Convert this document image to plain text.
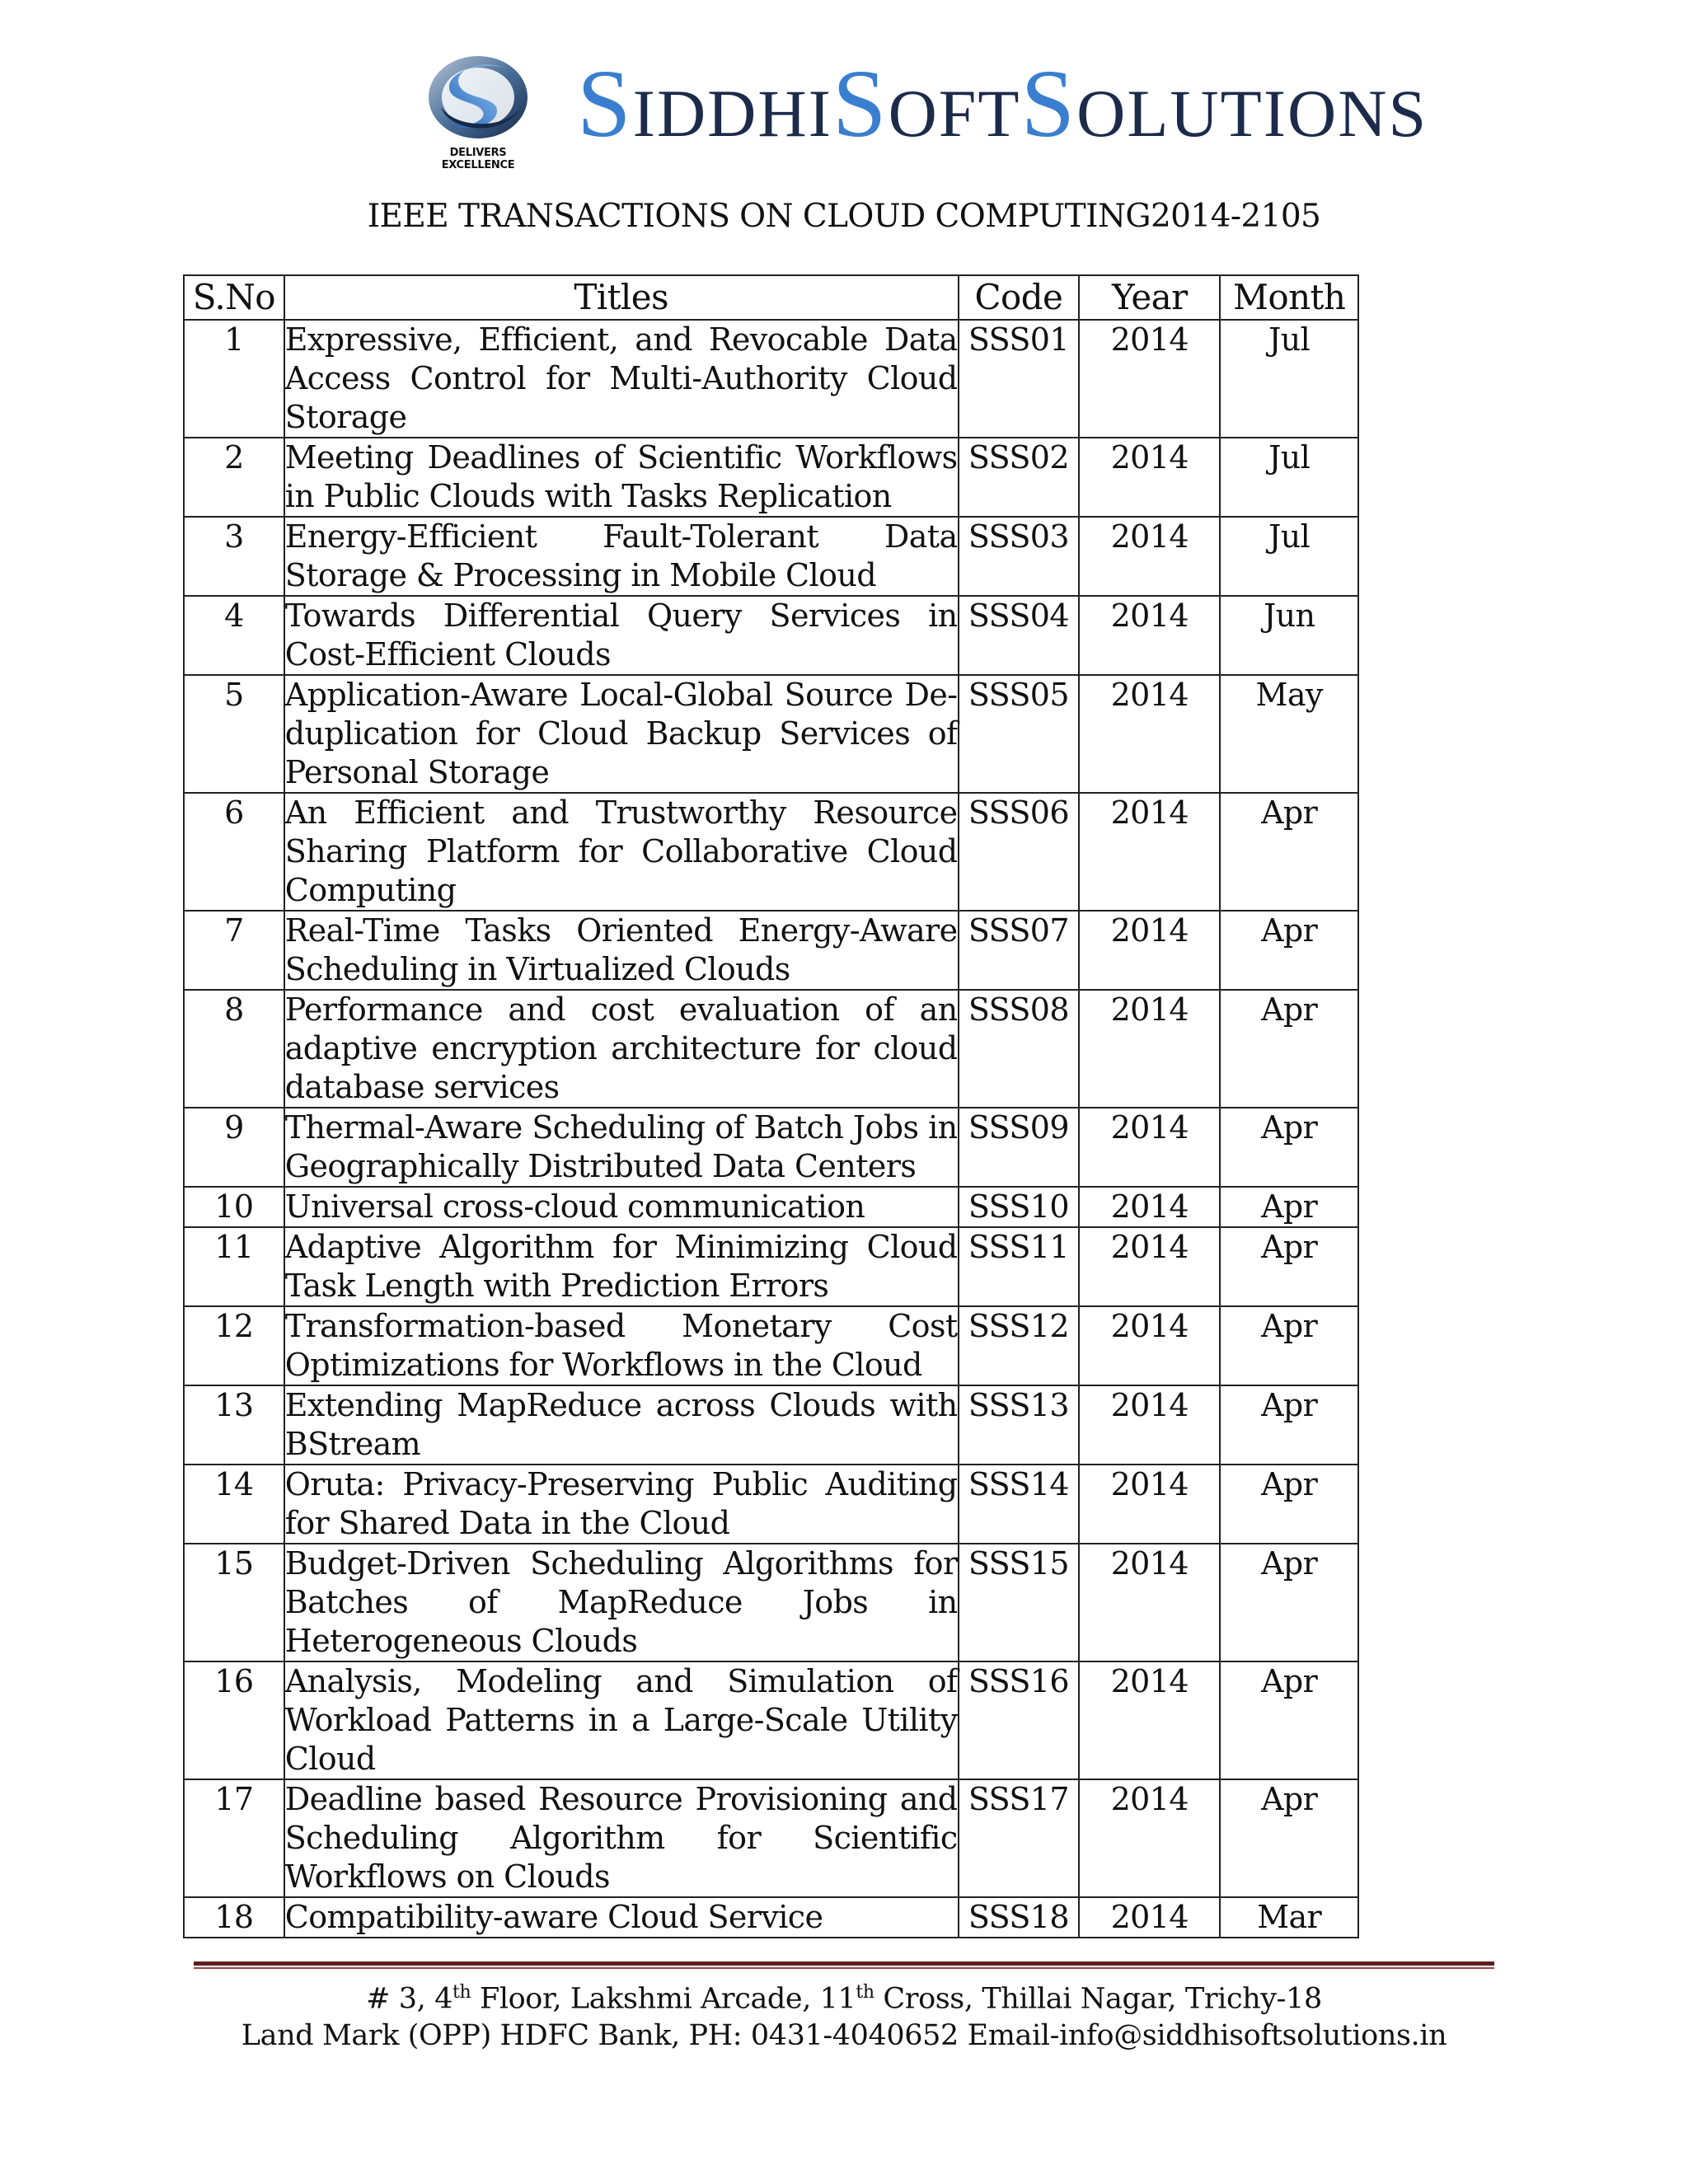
DELIVERS EXCELLENCE
SIDDHISOFTSOLUTIONS
IEEE TRANSACTIONS ON CLOUD COMPUTING2014-2105
S.No	Titles	Code	Year	Month
1	Expressive, Efficient, and Revocable Data Access Control for Multi-Authority Cloud Storage	SSS01	2014	Jul
2	Meeting Deadlines of Scientific Workflows in Public Clouds with Tasks Replication	SSS02	2014	Jul
3	Energy-Efficient Fault-Tolerant Data Storage & Processing in Mobile Cloud	SSS03	2014	Jul
4	Towards Differential Query Services in Cost-Efficient Clouds	SSS04	2014	Jun
5	Application-Aware Local-Global Source De-duplication for Cloud Backup Services of Personal Storage	SSS05	2014	May
6	An Efficient and Trustworthy Resource Sharing Platform for Collaborative Cloud Computing	SSS06	2014	Apr
7	Real-Time Tasks Oriented Energy-Aware Scheduling in Virtualized Clouds	SSS07	2014	Apr
8	Performance and cost evaluation of an adaptive encryption architecture for cloud database services	SSS08	2014	Apr
9	Thermal-Aware Scheduling of Batch Jobs in Geographically Distributed Data Centers	SSS09	2014	Apr
10	Universal cross-cloud communication	SSS10	2014	Apr
11	Adaptive Algorithm for Minimizing Cloud Task Length with Prediction Errors	SSS11	2014	Apr
12	Transformation-based Monetary Cost Optimizations for Workflows in the Cloud	SSS12	2014	Apr
13	Extending MapReduce across Clouds with BStream	SSS13	2014	Apr
14	Oruta: Privacy-Preserving Public Auditing for Shared Data in the Cloud	SSS14	2014	Apr
15	Budget-Driven Scheduling Algorithms for Batches of MapReduce Jobs in Heterogeneous Clouds	SSS15	2014	Apr
16	Analysis, Modeling and Simulation of Workload Patterns in a Large-Scale Utility Cloud	SSS16	2014	Apr
17	Deadline based Resource Provisioning and Scheduling Algorithm for Scientific Workflows on Clouds	SSS17	2014	Apr
18	Compatibility-aware Cloud Service	SSS18	2014	Mar
# 3, 4th Floor, Lakshmi Arcade, 11th Cross, Thillai Nagar, Trichy-18
Land Mark (OPP) HDFC Bank, PH: 0431-4040652 Email-info@siddhisoftsolutions.in
